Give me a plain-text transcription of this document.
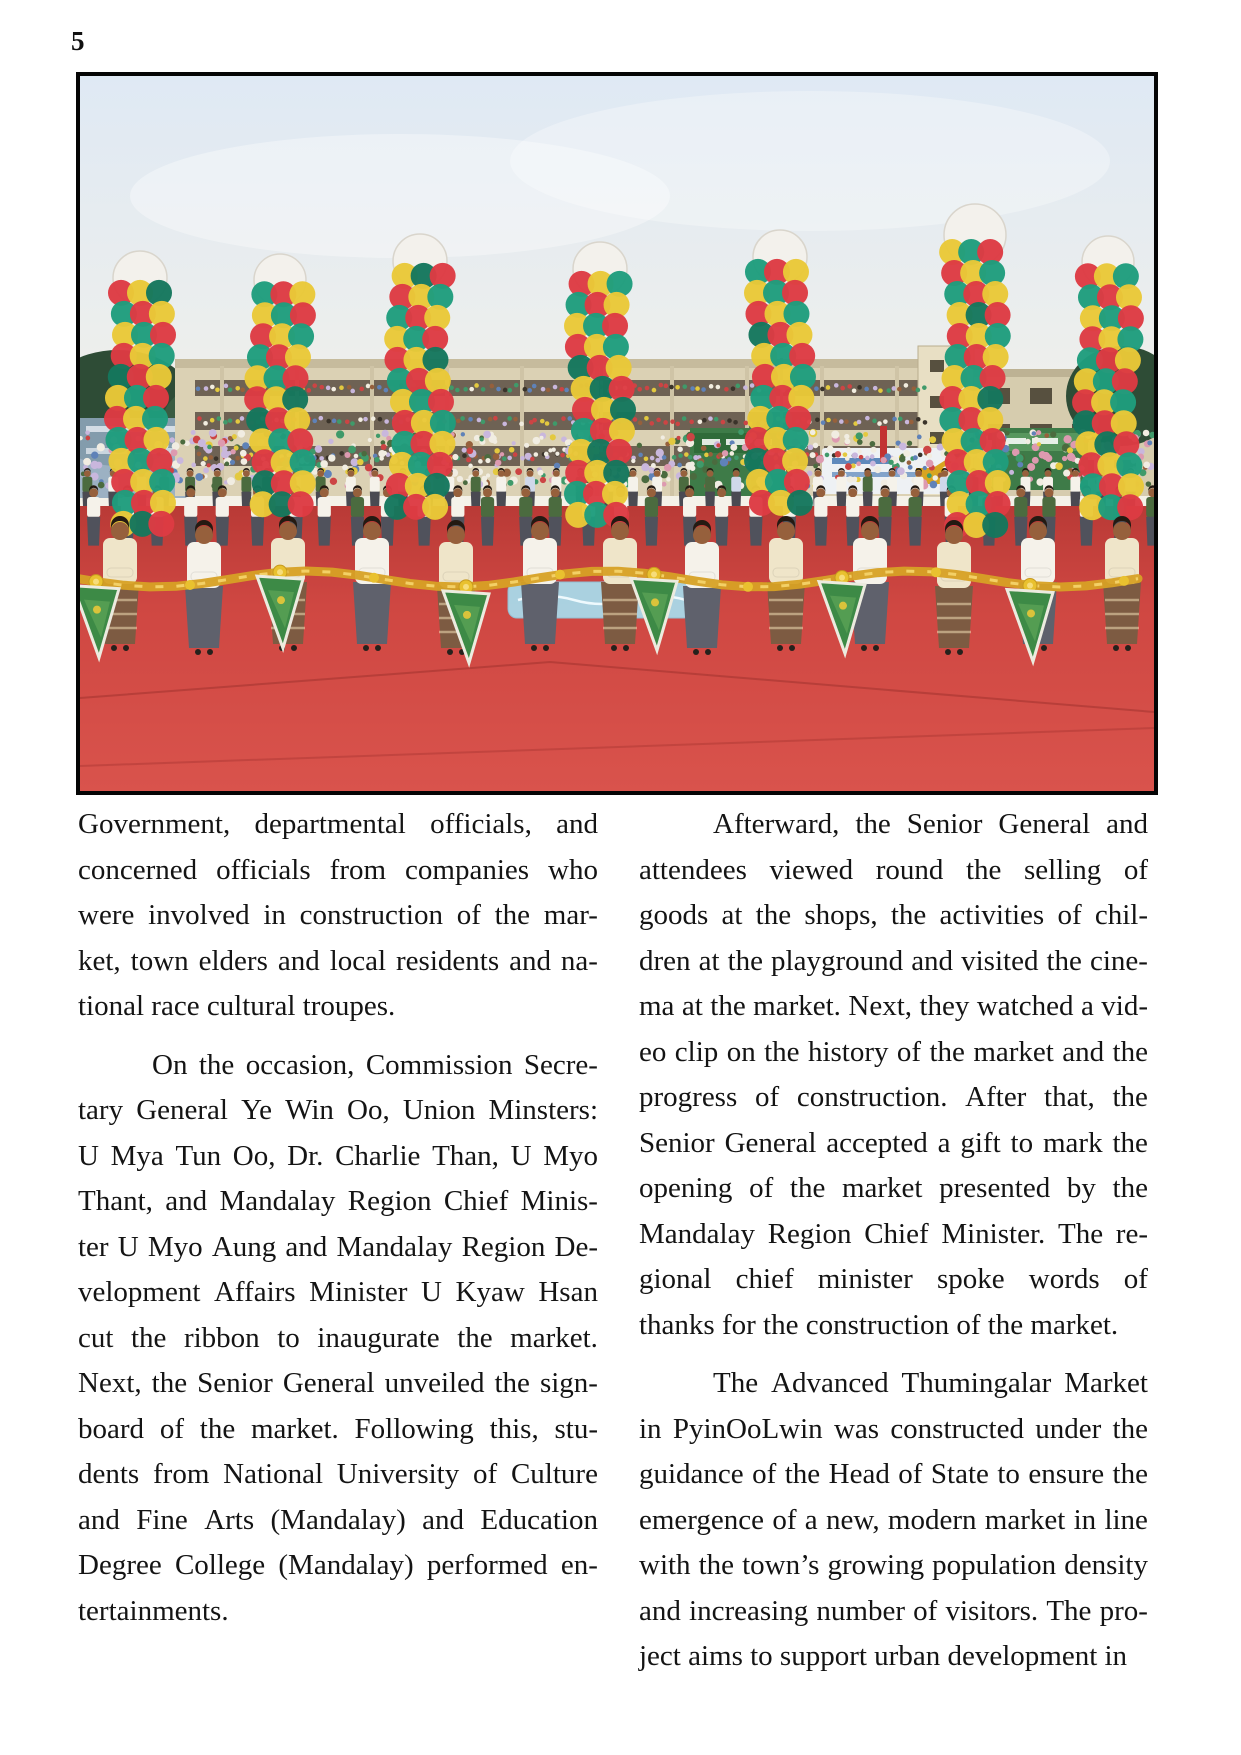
5
Government, departmental officials, and
concerned officials from companies who
were involved in construction of the mar-
ket, town elders and local residents and na-
tional race cultural troupes.
On the occasion, Commission Secre-
tary General Ye Win Oo, Union Minsters:
U Mya Tun Oo, Dr. Charlie Than, U Myo
Thant, and Mandalay Region Chief Minis-
ter U Myo Aung and Mandalay Region De-
velopment Affairs Minister U Kyaw Hsan
cut the ribbon to inaugurate the market.
Next, the Senior General unveiled the sign-
board of the market. Following this, stu-
dents from National University of Culture
and Fine Arts (Mandalay) and Education
Degree College (Mandalay) performed en-
tertainments.
Afterward, the Senior General and
attendees viewed round the selling of
goods at the shops, the activities of chil-
dren at the playground and visited the cine-
ma at the market. Next, they watched a vid-
eo clip on the history of the market and the
progress of construction. After that, the
Senior General accepted a gift to mark the
opening of the market presented by the
Mandalay Region Chief Minister. The re-
gional chief minister spoke words of
thanks for the construction of the market.
The Advanced Thumingalar Market
in PyinOoLwin was constructed under the
guidance of the Head of State to ensure the
emergence of a new, modern market in line
with the town’s growing population density
and increasing number of visitors. The pro-
ject aims to support urban development in
